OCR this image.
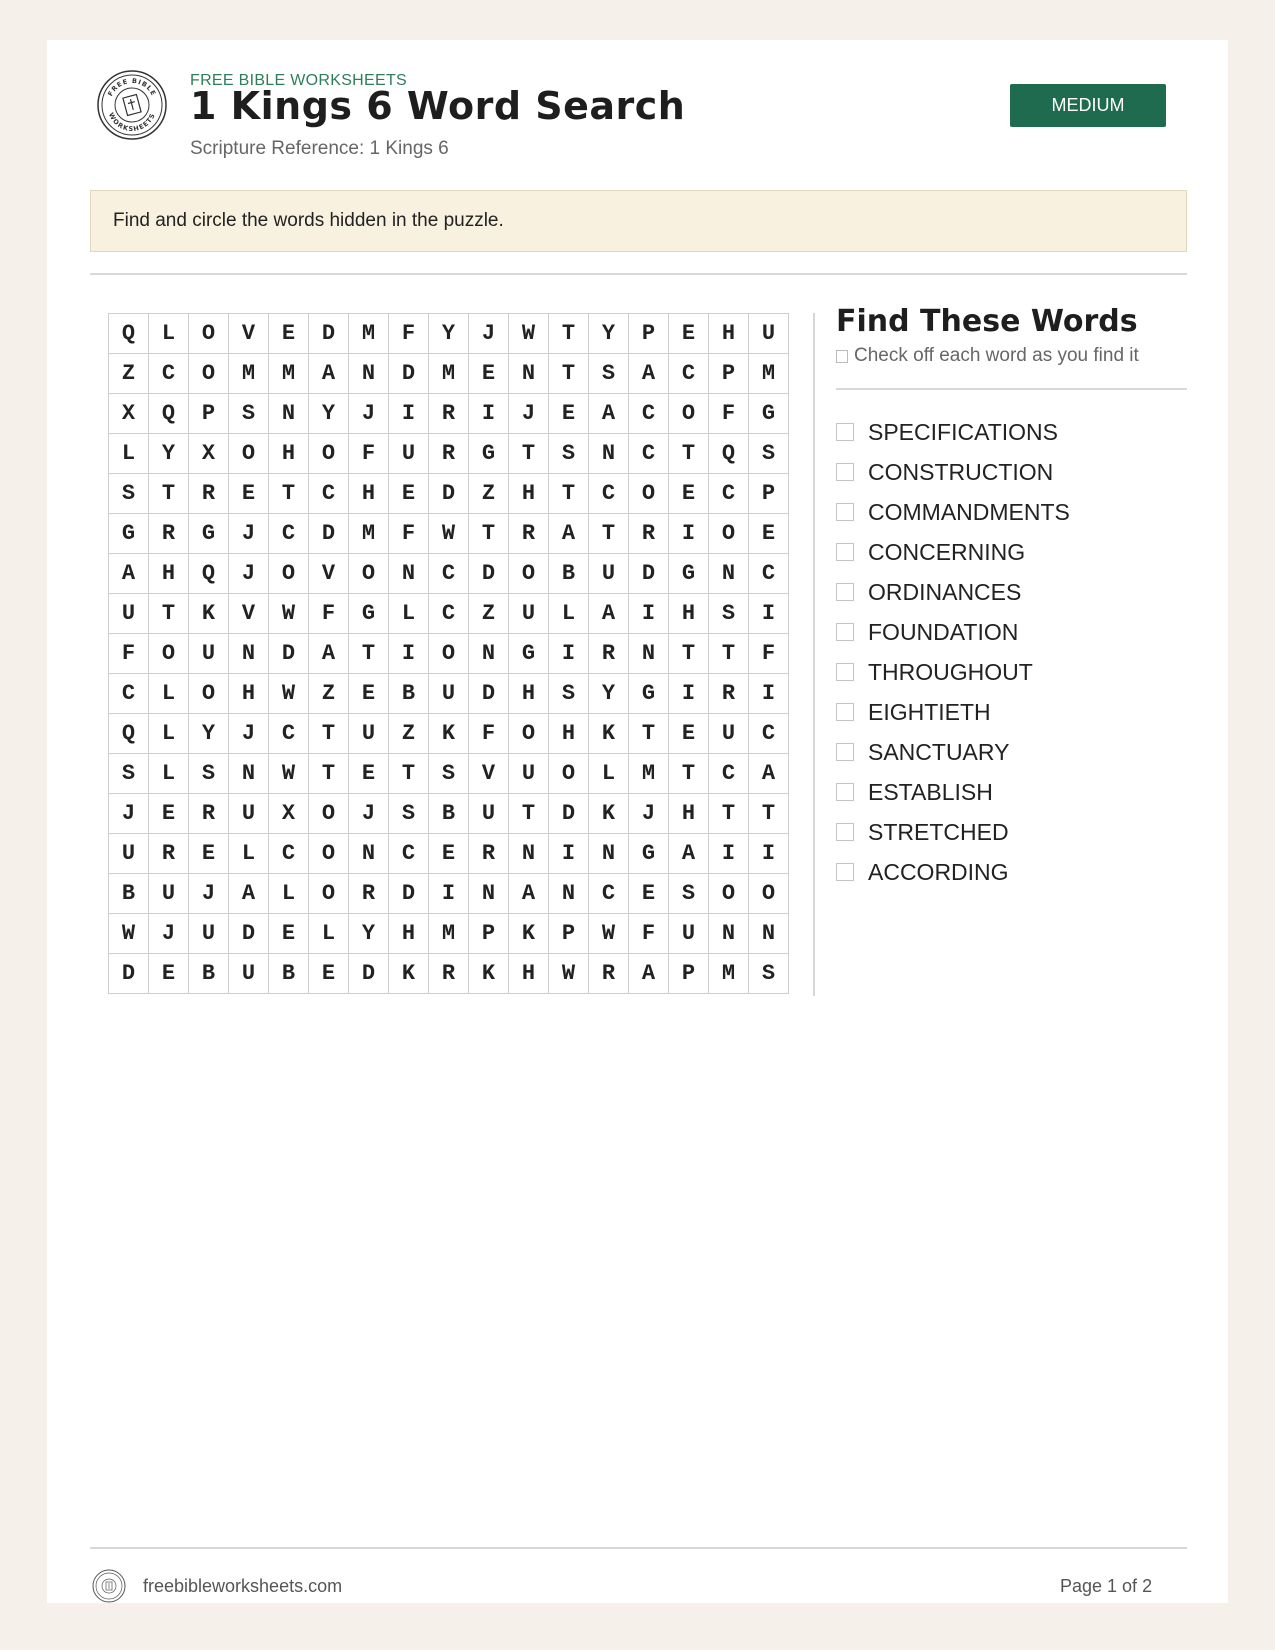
FREE BIBLE
WORKSHEETS
FREE BIBLE WORKSHEETS
1 Kings 6 Word Search
Scripture Reference: 1 Kings 6
MEDIUM
Find and circle the words hidden in the puzzle.
Q	L	O	V	E	D	M	F	Y	J	W	T	Y	P	E	H	U
Z	C	O	M	M	A	N	D	M	E	N	T	S	A	C	P	M
X	Q	P	S	N	Y	J	I	R	I	J	E	A	C	O	F	G
L	Y	X	O	H	O	F	U	R	G	T	S	N	C	T	Q	S
S	T	R	E	T	C	H	E	D	Z	H	T	C	O	E	C	P
G	R	G	J	C	D	M	F	W	T	R	A	T	R	I	O	E
A	H	Q	J	O	V	O	N	C	D	O	B	U	D	G	N	C
U	T	K	V	W	F	G	L	C	Z	U	L	A	I	H	S	I
F	O	U	N	D	A	T	I	O	N	G	I	R	N	T	T	F
C	L	O	H	W	Z	E	B	U	D	H	S	Y	G	I	R	I
Q	L	Y	J	C	T	U	Z	K	F	O	H	K	T	E	U	C
S	L	S	N	W	T	E	T	S	V	U	O	L	M	T	C	A
J	E	R	U	X	O	J	S	B	U	T	D	K	J	H	T	T
U	R	E	L	C	O	N	C	E	R	N	I	N	G	A	I	I
B	U	J	A	L	O	R	D	I	N	A	N	C	E	S	O	O
W	J	U	D	E	L	Y	H	M	P	K	P	W	F	U	N	N
D	E	B	U	B	E	D	K	R	K	H	W	R	A	P	M	S
Find These Words
Check off each word as you find it
SPECIFICATIONS
CONSTRUCTION
COMMANDMENTS
CONCERNING
ORDINANCES
FOUNDATION
THROUGHOUT
EIGHTIETH
SANCTUARY
ESTABLISH
STRETCHED
ACCORDING
freebibleworksheets.com	Page 1 of 2
